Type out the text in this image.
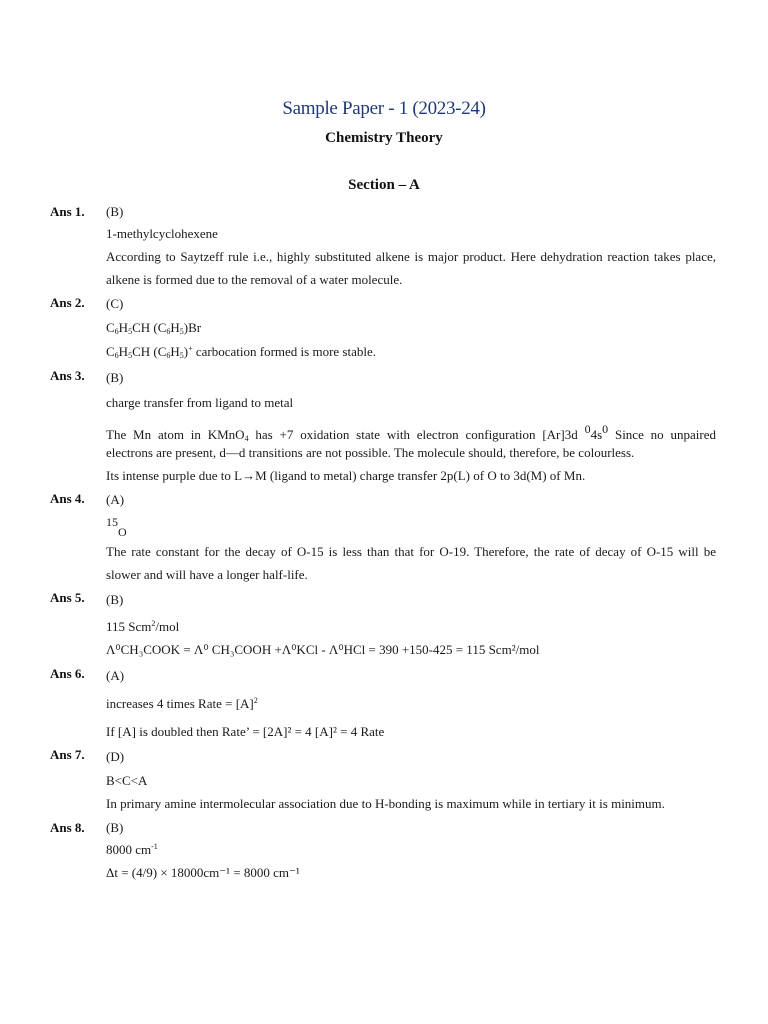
Sample Paper - 1 (2023-24)
Chemistry Theory
Section – A
Ans 1. (B)
1-methylcyclohexene
According to Saytzeff rule i.e., highly substituted alkene is major product. Here dehydration reaction takes place,
alkene is formed due to the removal of a water molecule.
Ans 2. (C)
$C_6H_5CH$ $(C_6H_5)Br$
$C_6H_5CH$ $(C_6H_5)^+$ carbocation formed is more stable.
Ans 3. (B)
charge transfer from ligand to metal
The Mn atom in KMnO$_4$ has +7 oxidation state with electron configuration [Ar]3d 04s0 Since no unpaired
electrons are present, d—d transitions are not possible. The molecule should, therefore, be colourless.
Its intense purple due to L→M (ligand to metal) charge transfer 2p(L) of O to 3d(M) of Mn.
Ans 4. (A)
15O
The rate constant for the decay of O-15 is less than that for O-19. Therefore, the rate of decay of O-15 will be
slower and will have a longer half-life.
Ans 5. (B)
115 Scm$^2$/mol
Λ⁰CH₃COOK = Λ⁰ CH₃COOH +Λ⁰KCl - Λ⁰HCl = 390 +150-425 = 115 Scm²/mol
Ans 6. (A)
increases 4 times Rate = $[A]^2$
If [A] is doubled then Rate’ = [2A]² = 4 [A]² = 4 Rate
Ans 7. (D)
B<C<A
In primary amine intermolecular association due to H-bonding is maximum while in tertiary it is minimum.
Ans 8. (B)
8000 $cm^{-1}$
Δt = (4/9) × 18000cm⁻¹ = 8000 cm⁻¹
